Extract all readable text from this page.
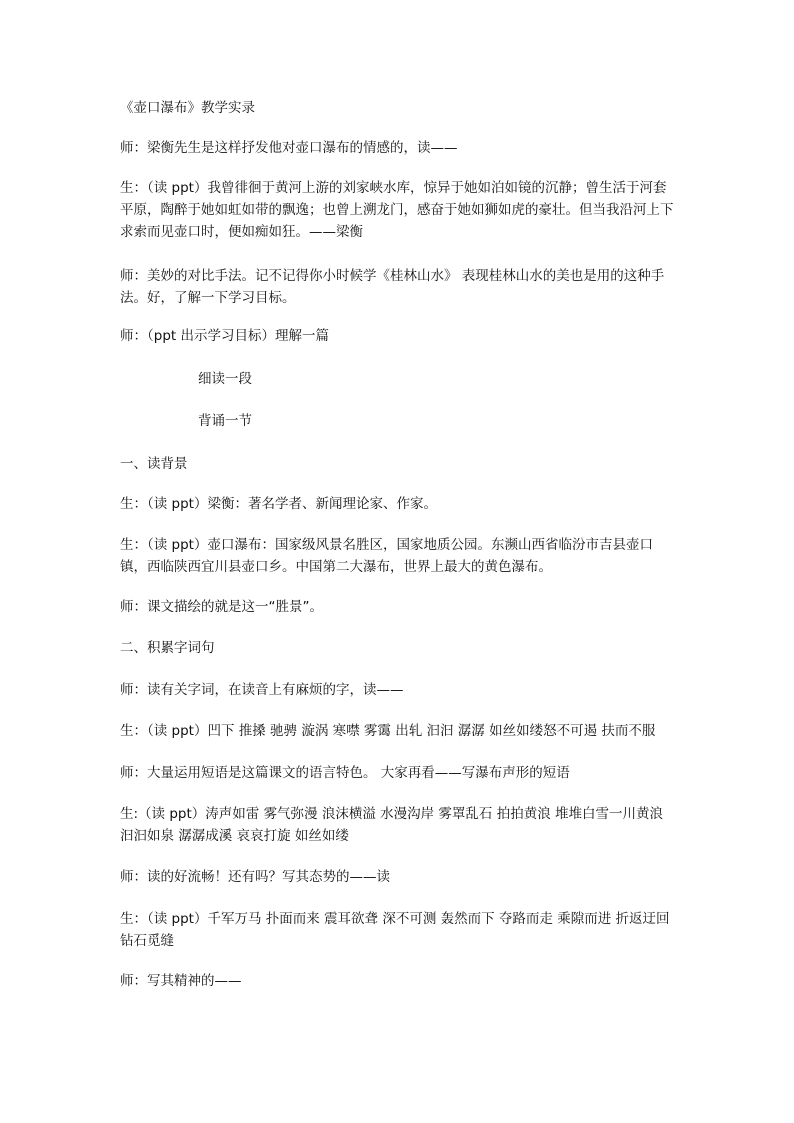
《壶口瀑布》教学实录

师：梁衡先生是这样抒发他对壶口瀑布的情感的，读——

生：（读 ppt）我曾徘徊于黄河上游的刘家峡水库，惊异于她如泊如镜的沉静；曾生活于河套平原，陶醉于她如虹如带的飘逸；也曾上溯龙门，感奋于她如狮如虎的豪壮。但当我沿河上下求索而见壶口时，便如痴如狂。——梁衡

师：美妙的对比手法。记不记得你小时候学《桂林山水》 表现桂林山水的美也是用的这种手法。好，了解一下学习目标。

师：（ppt 出示学习目标）理解一篇

细读一段

背诵一节

一、读背景

生：（读 ppt）梁衡：著名学者、新闻理论家、作家。

生：（读 ppt）壶口瀑布：国家级风景名胜区，国家地质公园。东濒山西省临汾市吉县壶口镇，西临陕西宜川县壶口乡。中国第二大瀑布，世界上最大的黄色瀑布。

师：课文描绘的就是这一“胜景”。

二、积累字词句

师：读有关字词，在读音上有麻烦的字，读——

生：（读 ppt）凹下 推搡 驰骋 漩涡 寒噤 雾霭 出轧 汩汩 潺潺 如丝如缕怒不可遏 扶而不服

师：大量运用短语是这篇课文的语言特色。 大家再看——写瀑布声形的短语

生:（读 ppt）涛声如雷 雾气弥漫 浪沫横溢 水漫沟岸 雾罩乱石 拍拍黄浪 堆堆白雪一川黄浪 汩汩如泉 潺潺成溪 哀哀打旋 如丝如缕

师：读的好流畅！还有吗？写其态势的——读

生：（读 ppt）千军万马 扑面而来 震耳欲聋 深不可测 轰然而下 夺路而走 乘隙而进 折返迂回 钻石觅缝

师：写其精神的——
